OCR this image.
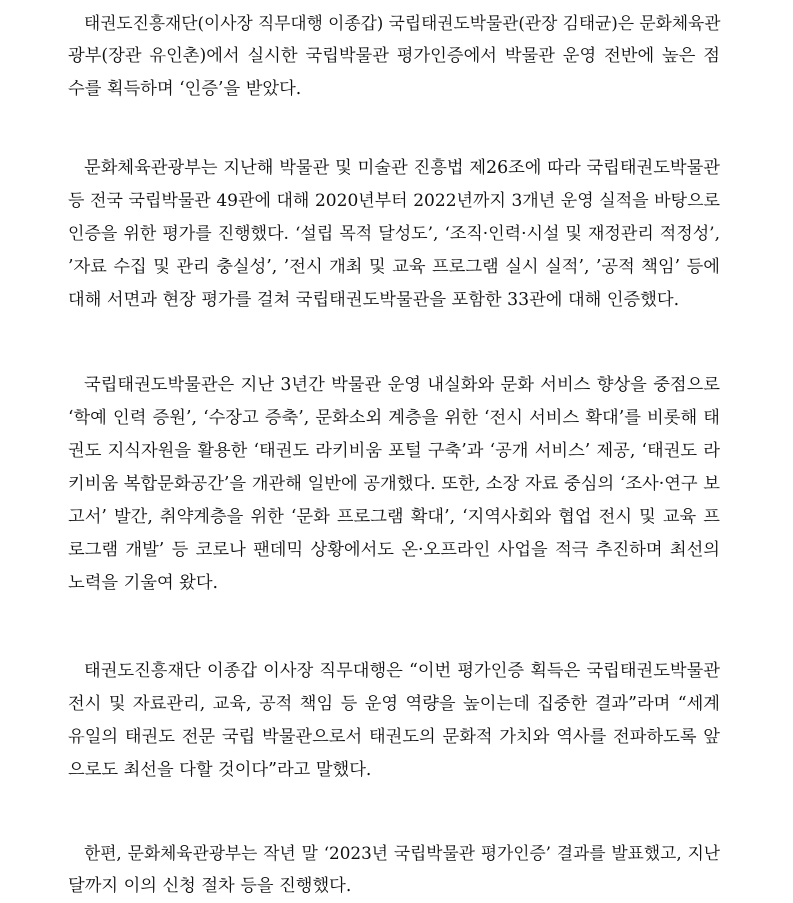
태권도진흥재단(이사장 직무대행 이종갑) 국립태권도박물관(관장 김태균)은 문화체육관
광부(장관 유인촌)에서 실시한 국립박물관 평가인증에서 박물관 운영 전반에 높은 점
수를 획득하며 ‘인증’을 받았다.
문화체육관광부는 지난해 박물관 및 미술관 진흥법 제26조에 따라 국립태권도박물관
등 전국 국립박물관 49관에 대해 2020년부터 2022년까지 3개년 운영 실적을 바탕으로
인증을 위한 평가를 진행했다. ‘설립 목적 달성도’, ‘조직·인력·시설 및 재정관리 적정성’,
’자료 수집 및 관리 충실성’, ’전시 개최 및 교육 프로그램 실시 실적’, ’공적 책임’ 등에
대해 서면과 현장 평가를 걸쳐 국립태권도박물관을 포함한 33관에 대해 인증했다.
국립태권도박물관은 지난 3년간 박물관 운영 내실화와 문화 서비스 향상을 중점으로
‘학예 인력 증원’, ‘수장고 증축’, 문화소외 계층을 위한 ‘전시 서비스 확대’를 비롯해 태
권도 지식자원을 활용한 ‘태권도 라키비움 포털 구축’과 ‘공개 서비스’ 제공, ‘태권도 라
키비움 복합문화공간’을 개관해 일반에 공개했다. 또한, 소장 자료 중심의 ‘조사·연구 보
고서’ 발간, 취약계층을 위한 ‘문화 프로그램 확대’, ‘지역사회와 협업 전시 및 교육 프
로그램 개발’ 등 코로나 팬데믹 상황에서도 온·오프라인 사업을 적극 추진하며 최선의
노력을 기울여 왔다.
태권도진흥재단 이종갑 이사장 직무대행은 “이번 평가인증 획득은 국립태권도박물관
전시 및 자료관리, 교육, 공적 책임 등 운영 역량을 높이는데 집중한 결과”라며 “세계
유일의 태권도 전문 국립 박물관으로서 태권도의 문화적 가치와 역사를 전파하도록 앞
으로도 최선을 다할 것이다”라고 말했다.
한편, 문화체육관광부는 작년 말 ‘2023년 국립박물관 평가인증’ 결과를 발표했고, 지난
달까지 이의 신청 절차 등을 진행했다.
